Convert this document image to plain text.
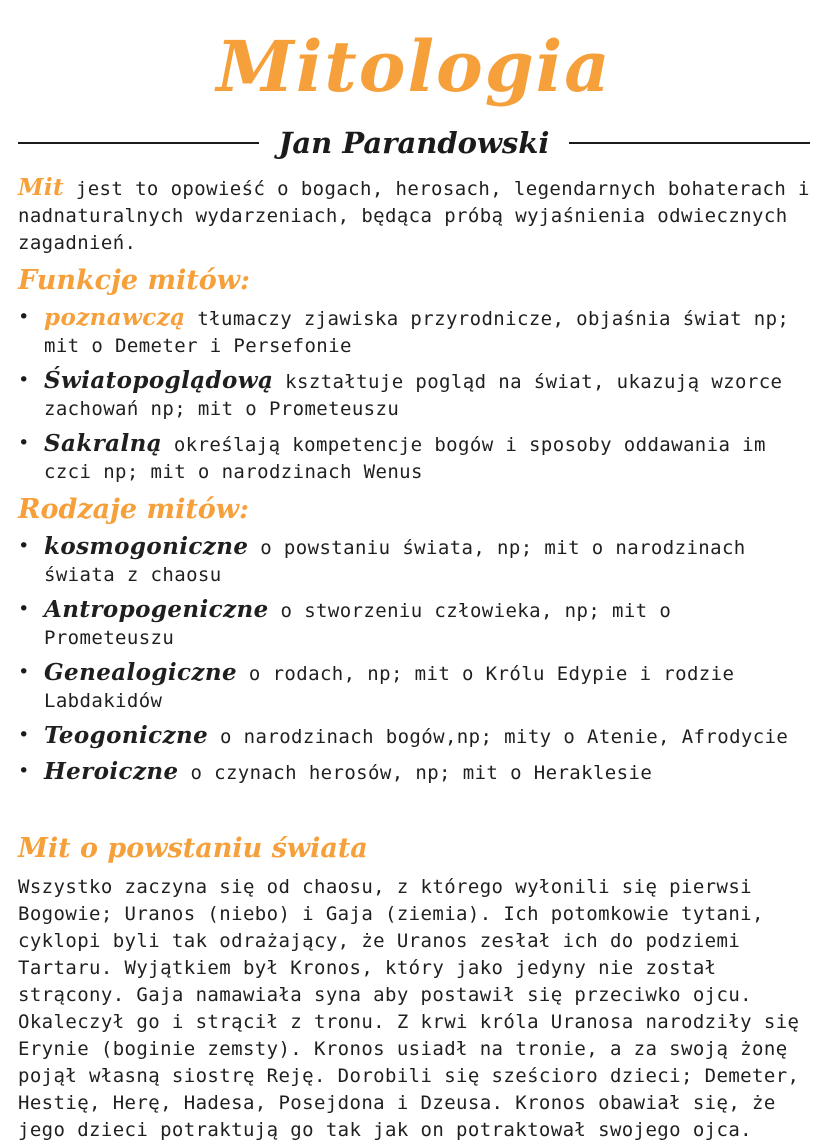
Mitologia
Jan Parandowski

Mit jest to opowieść o bogach, herosach, legendarnych bohaterach i nadnaturalnych wydarzeniach, będąca próbą wyjaśnienia odwiecznych zagadnień.

Funkcje mitów:
• poznawczą tłumaczy zjawiska przyrodnicze, objaśnia świat np; mit o Demeter i Persefonie
• Światopoglądową kształtuje pogląd na świat, ukazują wzorce zachowań np; mit o Prometeuszu
• Sakralną określają kompetencje bogów i sposoby oddawania im czci np; mit o narodzinach Wenus
Rodzaje mitów:
• kosmogoniczne o powstaniu świata, np; mit o narodzinach świata z chaosu
• Antropogeniczne o stworzeniu człowieka, np; mit o Prometeuszu
• Genealogiczne o rodach, np; mit o Królu Edypie i rodzie Labdakidów
• Teogoniczne o narodzinach bogów,np; mity o Atenie, Afrodycie
• Heroiczne o czynach herosów, np; mit o Heraklesie
Mit o powstaniu świata

Wszystko zaczyna się od chaosu, z którego wyłonili się pierwsi Bogowie; Uranos (niebo) i Gaja (ziemia). Ich potomkowie tytani, cyklopi byli tak odrażający, że Uranos zesłał ich do podziemi Tartaru. Wyjątkiem był Kronos, który jako jedyny nie został strącony. Gaja namawiała syna aby postawił się przeciwko ojcu. Okaleczył go i strącił z tronu. Z krwi króla Uranosa narodziły się Erynie (boginie zemsty). Kronos usiadł na tronie, a za swoją żonę pojął własną siostrę Reję. Dorobili się sześcioro dzieci; Demeter, Hestię, Herę, Hadesa, Posejdona i Dzeusa. Kronos obawiał się, że jego dzieci potraktują go tak jak on potraktował swojego ojca.
